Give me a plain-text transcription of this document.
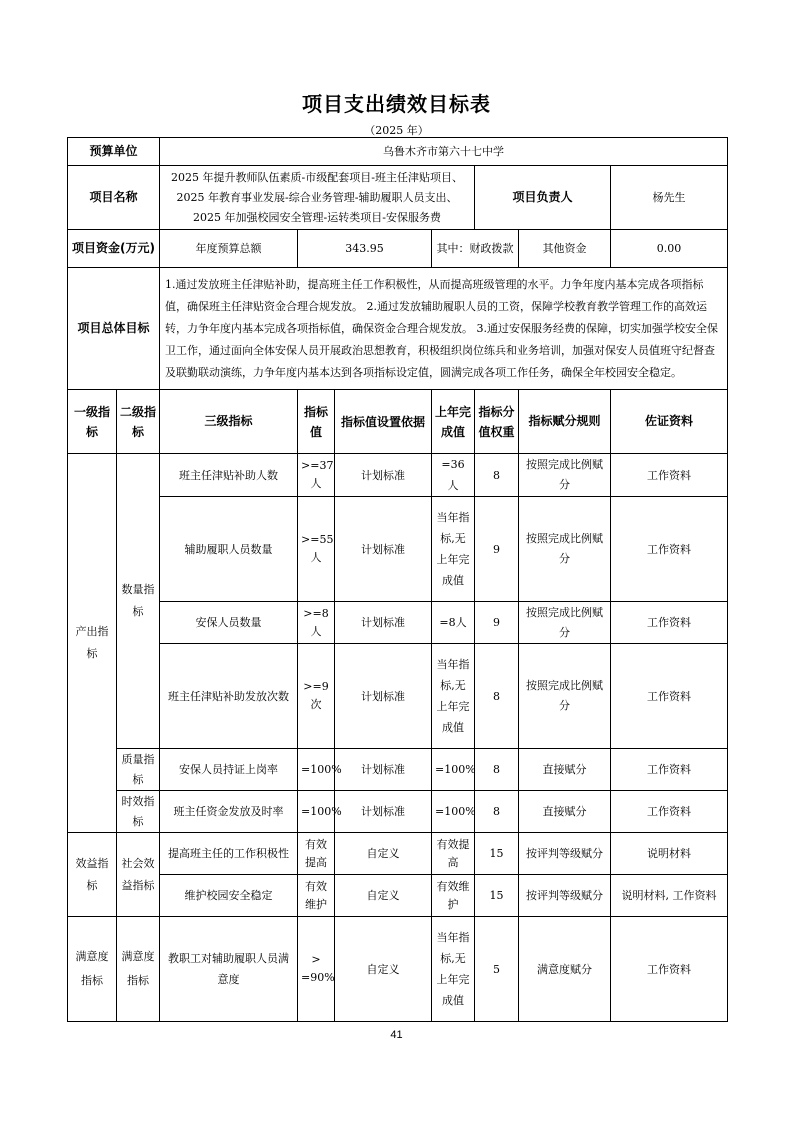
项目支出绩效目标表
（2025 年）
预算单位		乌鲁木齐市第六十七中学						
项目名称		2025 年提升教师队伍素质-市级配套项目-班主任津贴项目、2025 年教育事业发展-综合业务管理-辅助履职人员支出、2025 年加强校园安全管理-运转类项目-安保服务费				项目负责人		杨先生
项目资金(万元)		年度预算总额	343.95		其中：财政拨款		其他资金	0.00
项目总体目标		1.通过发放班主任津贴补助，提高班主任工作积极性，从而提高班级管理的水平。力争年度内基本完成各项指标值，确保班主任津贴资金合理合规发放。 2.通过发放辅助履职人员的工资，保障学校教育教学管理工作的高效运转，力争年度内基本完成各项指标值，确保资金合理合规发放。 3.通过安保服务经费的保障，切实加强学校安全保卫工作，通过面向全体安保人员开展政治思想教育，积极组织岗位练兵和业务培训，加强对保安人员值班守纪督查及联勤联动演练，力争年度内基本达到各项指标设定值，圆满完成各项工作任务，确保全年校园安全稳定。						
一级指标	二级指标	三级指标	指标值	指标值设置依据	上年完成值	指标分值权重	指标赋分规则	佐证资料
产出指标	数量指标	班主任津贴补助人数	>=37人	计划标准	=36 人	8	按照完成比例赋分	工作资料
		辅助履职人员数量	>=55人	计划标准	当年指标,无上年完成值	9	按照完成比例赋分	工作资料
		安保人员数量	>=8人	计划标准	=8人	9	按照完成比例赋分	工作资料
		班主任津贴补助发放次数	>=9次	计划标准	当年指标,无上年完成值	8	按照完成比例赋分	工作资料
	质量指标	安保人员持证上岗率	=100%	计划标准	=100%	8	直接赋分	工作资料
	时效指标	班主任资金发放及时率	=100%	计划标准	=100%	8	直接赋分	工作资料
效益指标	社会效益指标	提高班主任的工作积极性	有效提高	自定义	有效提高	15	按评判等级赋分	说明材料
		维护校园安全稳定	有效维护	自定义	有效维护	15	按评判等级赋分	说明材料, 工作资料
满意度指标	满意度指标	教职工对辅助履职人员满意度	> =90%	自定义	当年指标,无上年完成值	5	满意度赋分	工作资料
41
